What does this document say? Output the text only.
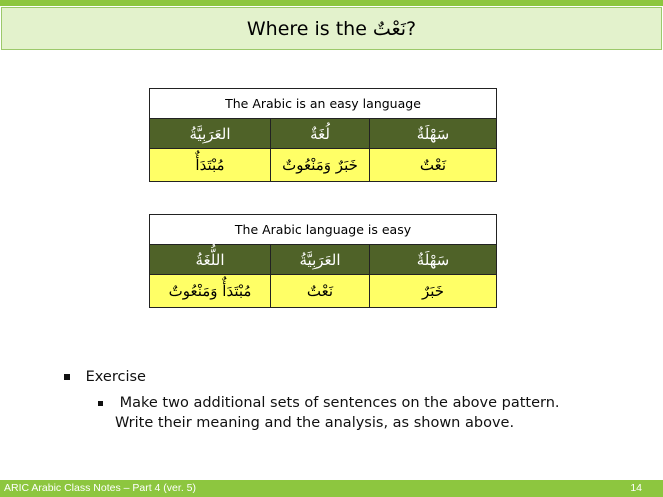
Where is the نَعْتٌ ?
The Arabic is an easy language		
العَرَبِيَّةُ	لُغَةٌ	سَهْلَةٌ
مُبْتَدَأٌ	خَبَرٌ وَمَنْعُوتٌ	نَعْتٌ
The Arabic language is easy		
اللُّغَةُ	العَرَبِيَّةُ	سَهْلَةٌ
مُبْتَدَأٌ وَمَنْعُوتٌ	نَعْتٌ	خَبَرٌ
Exercise
Make two additional sets of sentences on the above pattern.
Write their meaning and the analysis, as shown above.
ARIC Arabic Class Notes – Part 4 (ver. 5)	14
